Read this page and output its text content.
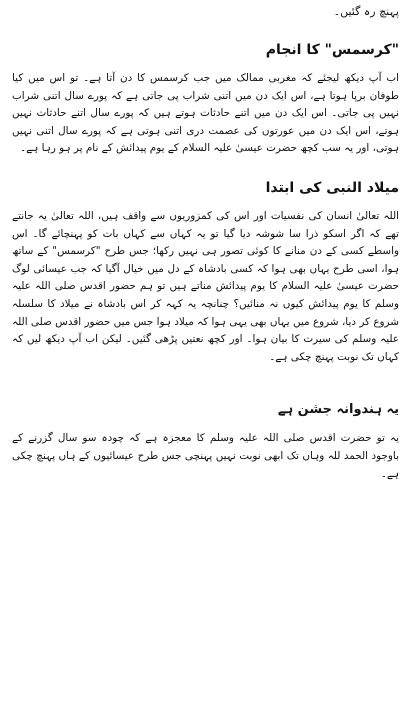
پہنچ رہ گئیں۔
"کرسمس" کا انجام

اب آپ دیکھ لیجئے کہ مغربی ممالک میں جب کرسمس کا دن آتا ہے۔ تو اس میں کیا طوفان برپا ہوتا ہے، اس ایک دن میں اتنی شراب پی جاتی ہے کہ پورے سال اتنی شراب نہیں پی جاتی۔ اس ایک دن میں اتنے حادثات ہوتے ہیں کہ پورے سال اتنے حادثات نہیں ہوتے، اس ایک دن میں عورتوں کی عصمت دری اتنی ہوتی ہے کہ پورے سال اتنی نہیں ہوتی، اور یہ سب کچھ حضرت عیسیٰ علیہ السلام کے یوم پیدائش کے نام پر ہو رہا ہے۔

میلاد النبی کی ابتدا

اللہ تعالیٰ انسان کی نفسیات اور اس کی کمزوریوں سے واقف ہیں، اللہ تعالیٰ یہ جانتے تھے کہ اگر اسکو ذرا سا شوشہ دیا گیا تو یہ کہاں سے کہاں بات کو پہنچائے گا۔ اس واسطے کسی کے دن منانے کا کوئی تصور ہی نہیں رکھا؛ جس طرح "کرسمس" کے ساتھ ہوا، اسی طرح یہاں بھی ہوا کہ کسی بادشاہ کے دل میں خیال آگیا کہ جب عیسائی لوگ حضرت عیسیٰ علیہ السلام کا یوم پیدائش مناتے ہیں تو ہم حضور اقدس صلی اللہ علیہ وسلم کا یوم پیدائش کیوں نہ منائیں؟ چنانچہ یہ کہہ کر اس بادشاہ نے میلاد کا سلسلہ شروع کر دیا، شروع میں یہاں بھی یہی ہوا کہ میلاد ہوا جس میں حضور اقدس صلی اللہ علیہ وسلم کی سیرت کا بیان ہوا۔ اور کچھ نعتیں پڑھی گئیں۔ لیکن اب آپ دیکھ لیں کہ کہاں تک نوبت پہنچ چکی ہے۔

یہ ہندوانہ جشن ہے

یہ تو حضرت اقدس صلی اللہ علیہ وسلم کا معجزہ ہے کہ چودہ سو سال گزرنے کے باوجود الحمد للہ وہاں تک ابھی نوبت نہیں پہنچی جس طرح عیسائیوں کے ہاں پہنچ چکی ہے۔
